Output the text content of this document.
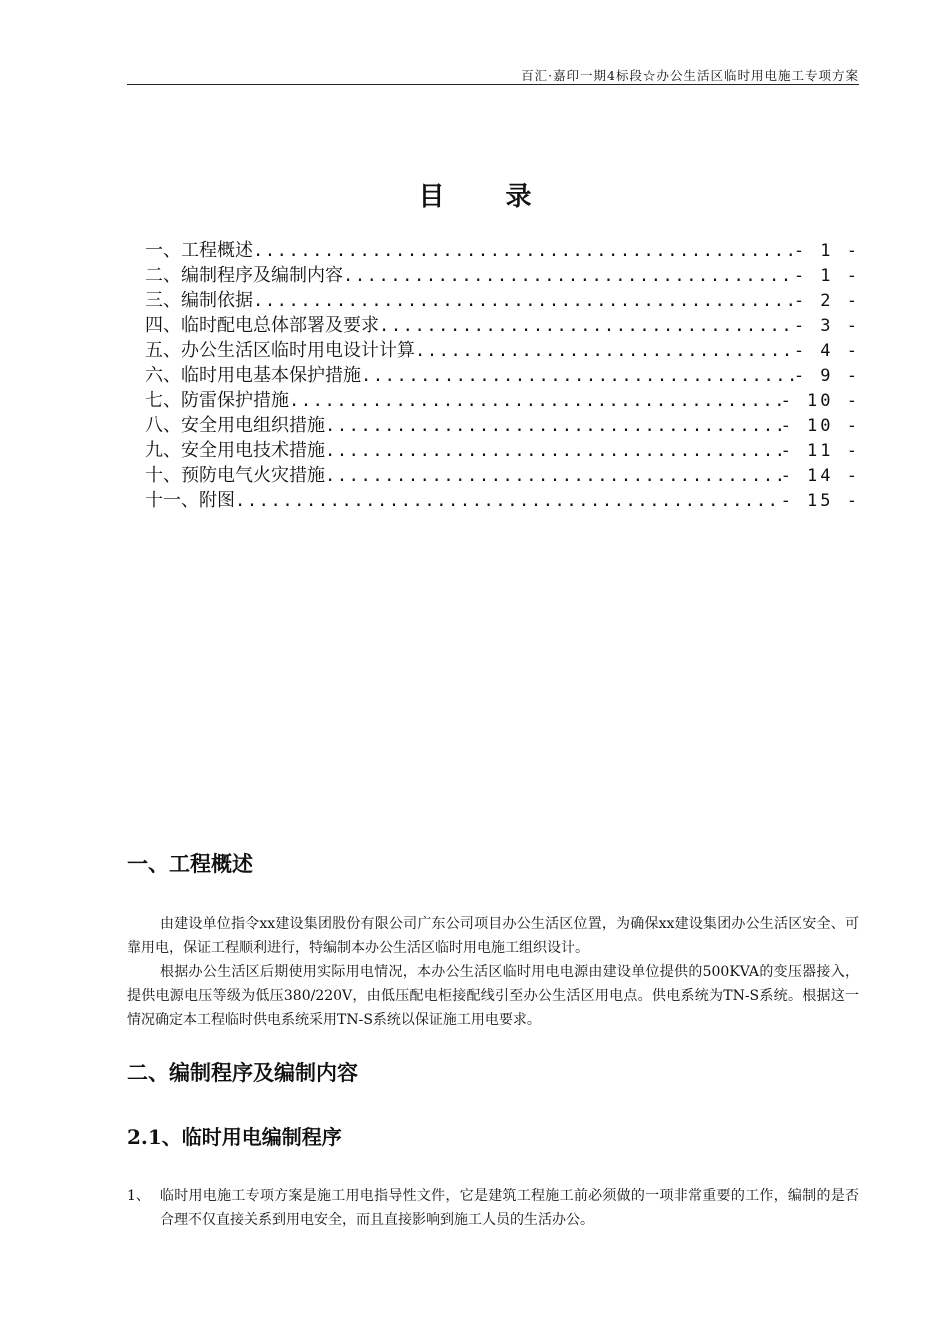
百汇·嘉印一期4标段☆办公生活区临时用电施工专项方案
目 录
一、工程概述 .....	- 1 -
二、编制程序及编制内容 .....	- 1 -
三、编制依据 .....	- 2 -
四、临时配电总体部署及要求 .....	- 3 -
五、办公生活区临时用电设计计算 .....	- 4 -
六、临时用电基本保护措施 .....	- 9 -
七、防雷保护措施 .....	- 10 -
八、安全用电组织措施 .....	- 10 -
九、安全用电技术措施 .....	- 11 -
十、预防电气火灾措施 .....	- 14 -
十一、附图 .....	- 15 -
一、工程概述
由建设单位指令xx建设集团股份有限公司广东公司项目办公生活区位置，为确保xx建设集团办公生活区安全、可靠用电，保证工程顺利进行，特编制本办公生活区临时用电施工组织设计。
根据办公生活区后期使用实际用电情况，本办公生活区临时用电电源由建设单位提供的500KVA的变压器接入，提供电源电压等级为低压380/220V，由低压配电柜接配线引至办公生活区用电点。供电系统为TN-S系统。根据这一情况确定本工程临时供电系统采用TN-S系统以保证施工用电要求。
二、编制程序及编制内容
2.1、临时用电编制程序
1、 临时用电施工专项方案是施工用电指导性文件，它是建筑工程施工前必须做的一项非常重要的工作，编制的是否合理不仅直接关系到用电安全，而且直接影响到施工人员的生活办公。
